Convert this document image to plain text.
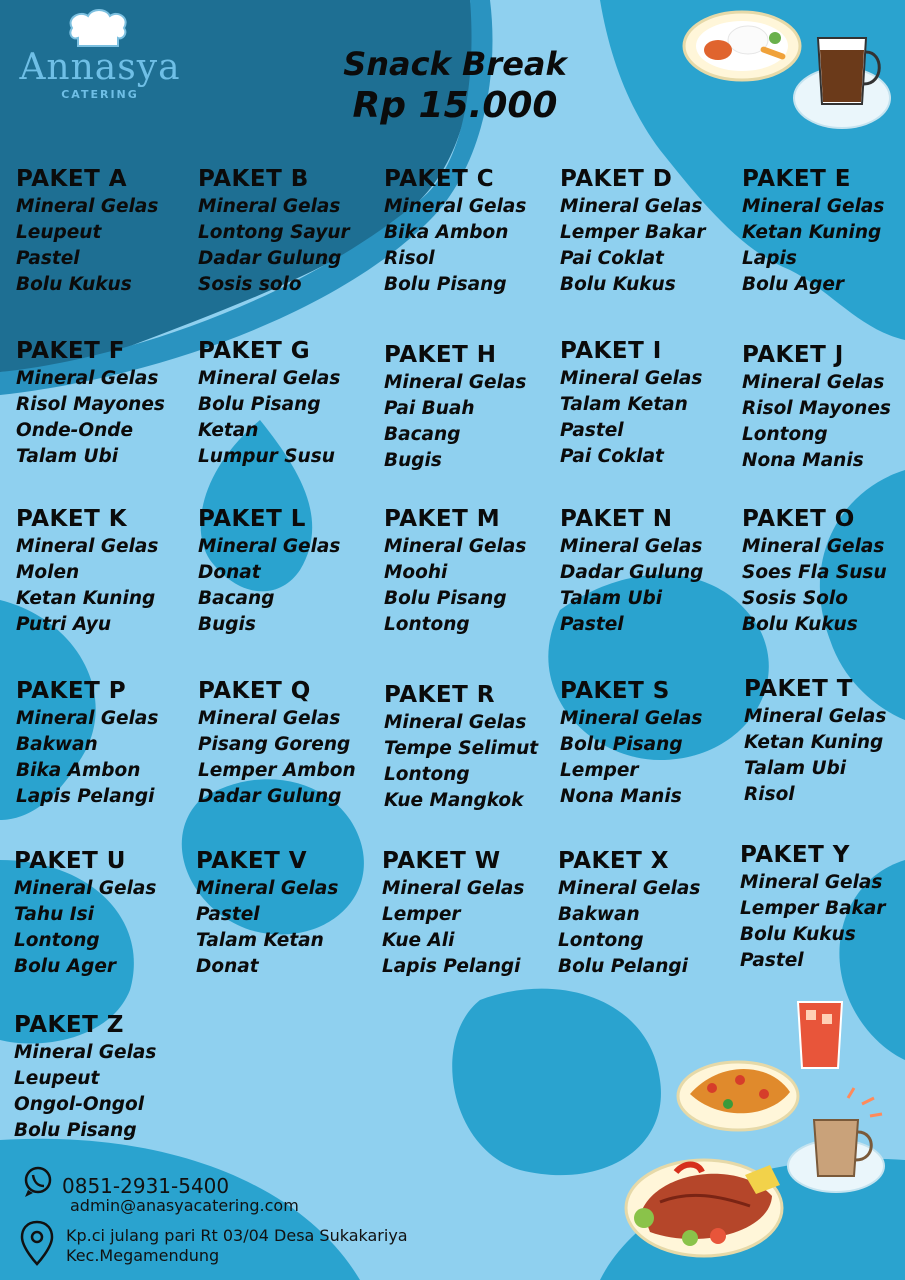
Annasya
CATERING
Snack Break
Rp 15.000
PAKET A
Mineral Gelas
Leupeut
Pastel
Bolu Kukus
PAKET B
Mineral Gelas
Lontong Sayur
Dadar Gulung
Sosis solo
PAKET C
Mineral Gelas
Bika Ambon
Risol
Bolu Pisang
PAKET D
Mineral Gelas
Lemper Bakar
Pai Coklat
Bolu Kukus
PAKET E
Mineral Gelas
Ketan Kuning
Lapis
Bolu Ager
PAKET F
Mineral Gelas
Risol Mayones
Onde-Onde
Talam Ubi
PAKET G
Mineral Gelas
Bolu Pisang
Ketan
Lumpur Susu
PAKET H
Mineral Gelas
Pai Buah
Bacang
Bugis
PAKET I
Mineral Gelas
Talam Ketan
Pastel
Pai Coklat
PAKET J
Mineral Gelas
Risol Mayones
Lontong
Nona Manis
PAKET K
Mineral Gelas
Molen
Ketan Kuning
Putri Ayu
PAKET L
Mineral Gelas
Donat
Bacang
Bugis
PAKET M
Mineral Gelas
Moohi
Bolu Pisang
Lontong
PAKET N
Mineral Gelas
Dadar Gulung
Talam Ubi
Pastel
PAKET O
Mineral Gelas
Soes Fla Susu
Sosis Solo
Bolu Kukus
PAKET P
Mineral Gelas
Bakwan
Bika Ambon
Lapis Pelangi
PAKET Q
Mineral Gelas
Pisang Goreng
Lemper Ambon
Dadar Gulung
PAKET R
Mineral Gelas
Tempe Selimut
Lontong
Kue Mangkok
PAKET S
Mineral Gelas
Bolu Pisang
Lemper
Nona Manis
PAKET T
Mineral Gelas
Ketan Kuning
Talam Ubi
Risol
PAKET U
Mineral Gelas
Tahu Isi
Lontong
Bolu Ager
PAKET V
Mineral Gelas
Pastel
Talam Ketan
Donat
PAKET W
Mineral Gelas
Lemper
Kue Ali
Lapis Pelangi
PAKET X
Mineral Gelas
Bakwan
Lontong
Bolu Pelangi
PAKET Y
Mineral Gelas
Lemper Bakar
Bolu Kukus
Pastel
PAKET Z
Mineral Gelas
Leupeut
Ongol-Ongol
Bolu Pisang
0851-2931-5400
admin@anasyacatering.com
Kp.ci julang pari Rt 03/04 Desa Sukakariya
Kec.Megamendung
